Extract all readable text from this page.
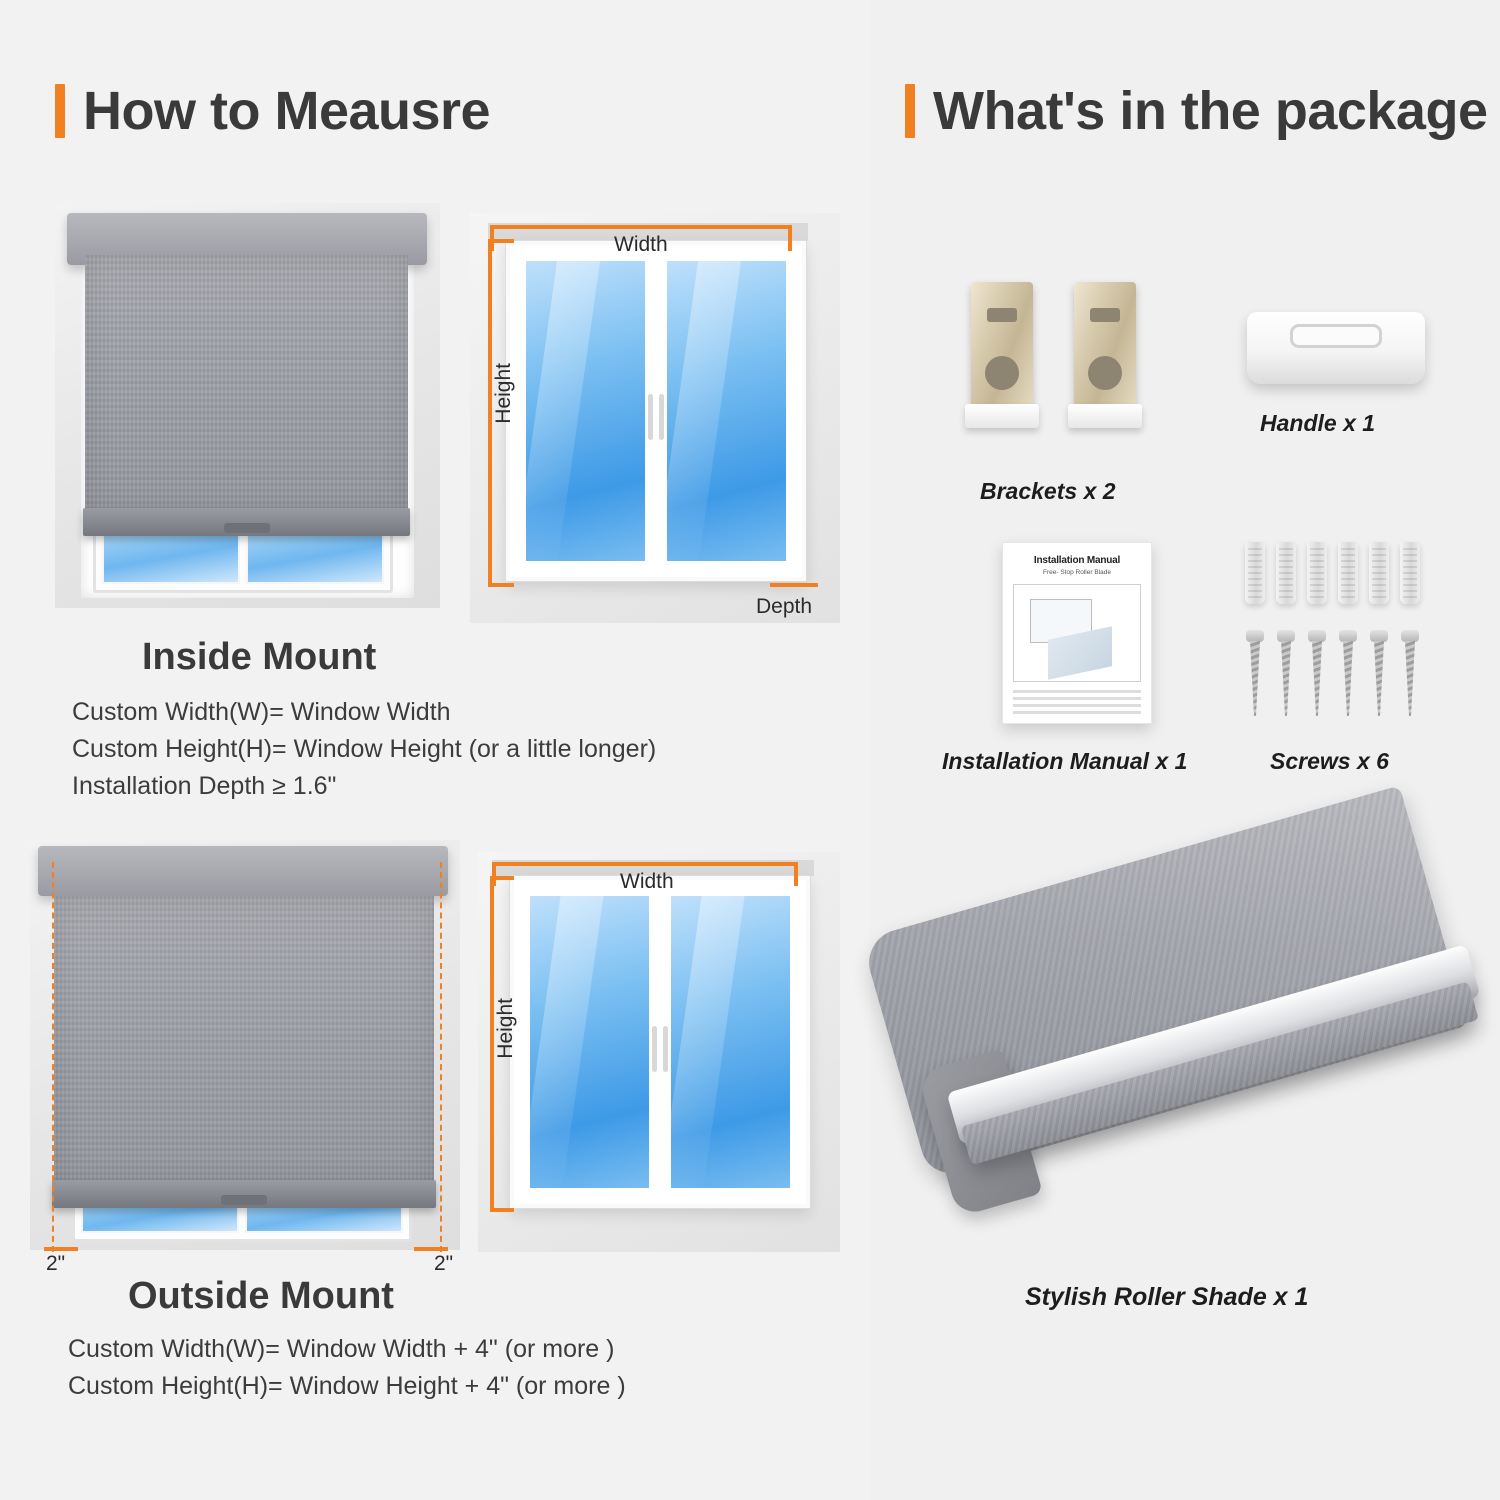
How to Meausre
Width
Height
Depth
Inside Mount
Custom Width(W)= Window Width
Custom Height(H)= Window Height (or a little longer)
Installation Depth ≥ 1.6"
2"	2"
Width
Height
Outside Mount
Custom Width(W)= Window Width + 4" (or more )
Custom Height(H)= Window Height + 4" (or more )
What's in the package
Brackets x 2
Handle x 1
Installation Manual
Free- Stop Roller Blade
Installation Manual x 1	Screws x 6
Stylish Roller Shade x 1
